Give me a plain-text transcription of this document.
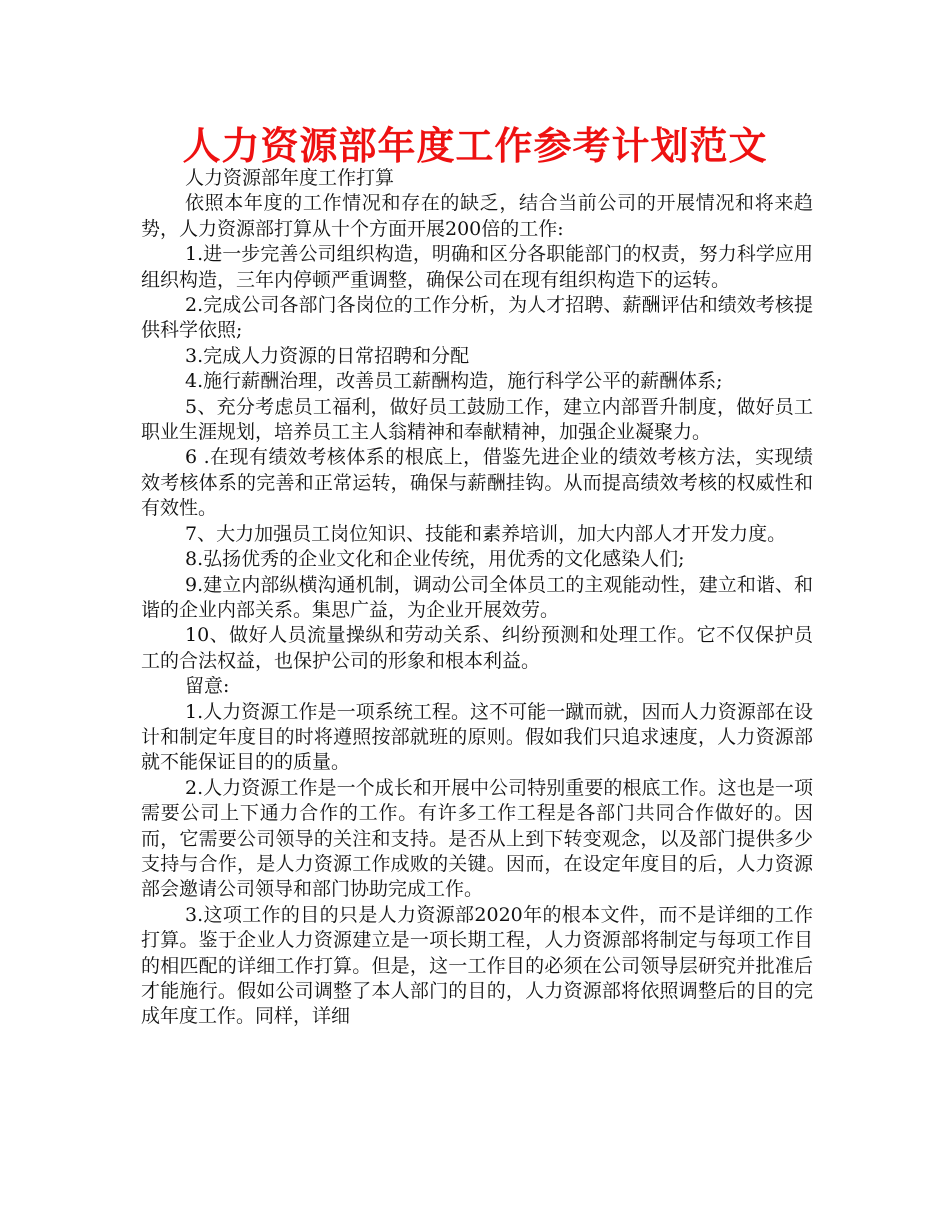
人力资源部年度工作参考计划范文

人力资源部年度工作打算

依照本年度的工作情况和存在的缺乏，结合当前公司的开展情况和将来趋势，人力资源部打算从十个方面开展200倍的工作:

1.进一步完善公司组织构造，明确和区分各职能部门的权责，努力科学应用组织构造，三年内停顿严重调整，确保公司在现有组织构造下的运转。

2.完成公司各部门各岗位的工作分析，为人才招聘、薪酬评估和绩效考核提供科学依照;

3.完成人力资源的日常招聘和分配

4.施行薪酬治理，改善员工薪酬构造，施行科学公平的薪酬体系;

5、充分考虑员工福利，做好员工鼓励工作，建立内部晋升制度，做好员工职业生涯规划，培养员工主人翁精神和奉献精神，加强企业凝聚力。

6 .在现有绩效考核体系的根底上，借鉴先进企业的绩效考核方法，实现绩效考核体系的完善和正常运转，确保与薪酬挂钩。从而提高绩效考核的权威性和有效性。

7、大力加强员工岗位知识、技能和素养培训，加大内部人才开发力度。

8.弘扬优秀的企业文化和企业传统，用优秀的文化感染人们;

9.建立内部纵横沟通机制，调动公司全体员工的主观能动性，建立和谐、和谐的企业内部关系。集思广益，为企业开展效劳。

10、做好人员流量操纵和劳动关系、纠纷预测和处理工作。它不仅保护员工的合法权益，也保护公司的形象和根本利益。

留意:

1.人力资源工作是一项系统工程。这不可能一蹴而就，因而人力资源部在设计和制定年度目的时将遵照按部就班的原则。假如我们只追求速度，人力资源部就不能保证目的的质量。

2.人力资源工作是一个成长和开展中公司特别重要的根底工作。这也是一项需要公司上下通力合作的工作。有许多工作工程是各部门共同合作做好的。因而，它需要公司领导的关注和支持。是否从上到下转变观念，以及部门提供多少支持与合作，是人力资源工作成败的关键。因而，在设定年度目的后，人力资源部会邀请公司领导和部门协助完成工作。

3.这项工作的目的只是人力资源部2020年的根本文件，而不是详细的工作打算。鉴于企业人力资源建立是一项长期工程，人力资源部将制定与每项工作目的相匹配的详细工作打算。但是，这一工作目的必须在公司领导层研究并批准后才能施行。假如公司调整了本人部门的目的，人力资源部将依照调整后的目的完成年度工作。同样，详细
